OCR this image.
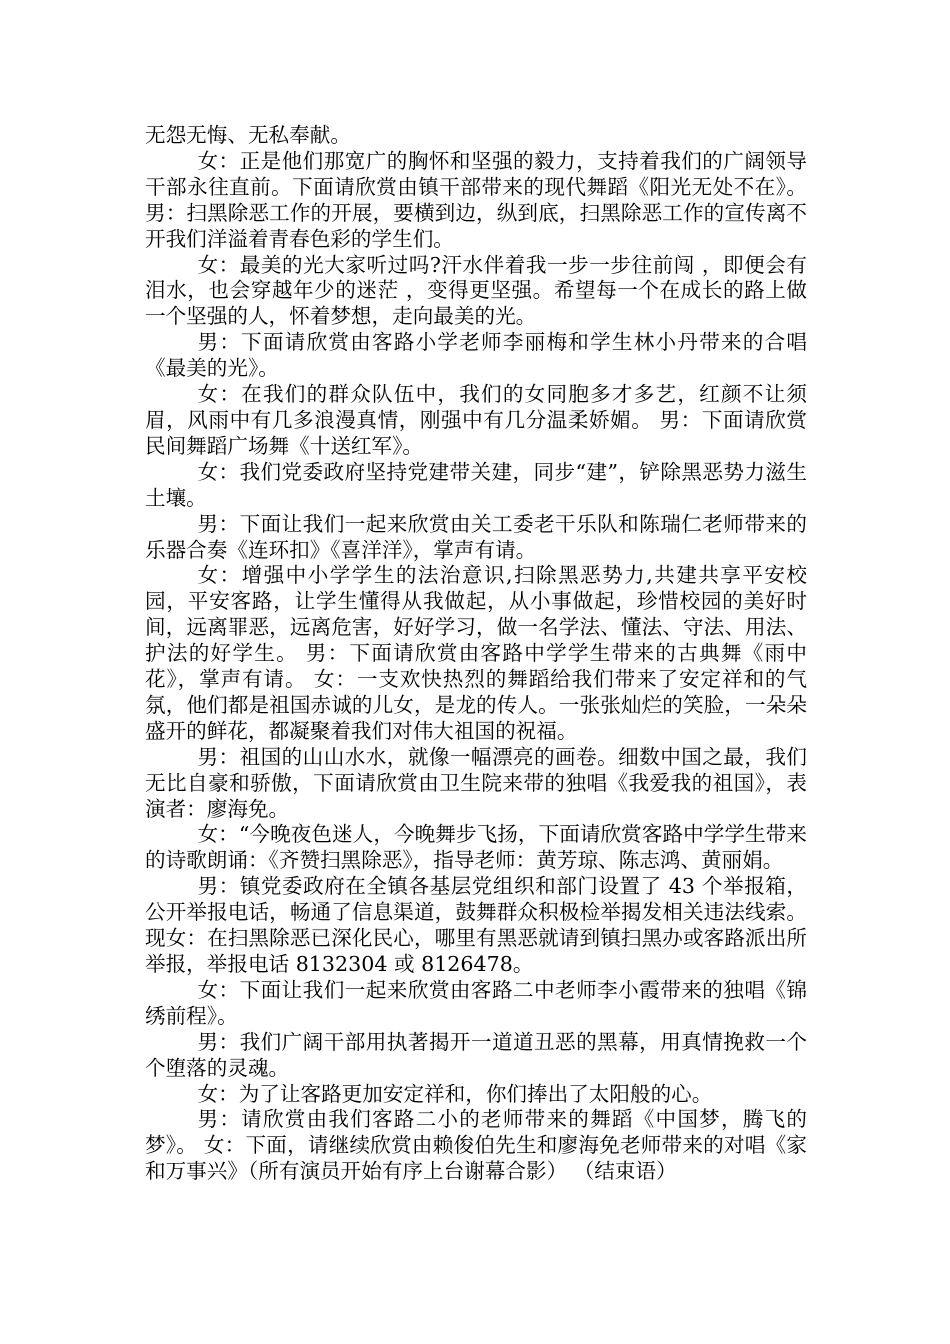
无怨无悔、无私奉献。

女：正是他们那宽广的胸怀和坚强的毅力，支持着我们的广阔领导干部永往直前。下面请欣赏由镇干部带来的现代舞蹈《阳光无处不在》。 男：扫黑除恶工作的开展，要横到边，纵到底，扫黑除恶工作的宣传离不开我们洋溢着青春色彩的学生们。

女：最美的光大家听过吗?汗水伴着我一步一步往前闯 ，即便会有泪水，也会穿越年少的迷茫 ，变得更坚强。希望每一个在成长的路上做一个坚强的人，怀着梦想，走向最美的光。

男：下面请欣赏由客路小学老师李丽梅和学生林小丹带来的合唱《最美的光》。

女：在我们的群众队伍中，我们的女同胞多才多艺，红颜不让须眉，风雨中有几多浪漫真情，刚强中有几分温柔娇媚。 男：下面请欣赏民间舞蹈广场舞《十送红军》。

女：我们党委政府坚持党建带关建，同步“建”，铲除黑恶势力滋生土壤。

男：下面让我们一起来欣赏由关工委老干乐队和陈瑞仁老师带来的乐器合奏《连环扣》《喜洋洋》，掌声有请。

女：增强中小学学生的法治意识,扫除黑恶势力,共建共享平安校园，平安客路，让学生懂得从我做起，从小事做起，珍惜校园的美好时间，远离罪恶，远离危害，好好学习，做一名学法、懂法、守法、用法、护法的好学生。 男：下面请欣赏由客路中学学生带来的古典舞《雨中花》，掌声有请。 女：一支欢快热烈的舞蹈给我们带来了安定祥和的气氛，他们都是祖国赤诚的儿女，是龙的传人。一张张灿烂的笑脸，一朵朵盛开的鲜花，都凝聚着我们对伟大祖国的祝福。

男：祖国的山山水水，就像一幅漂亮的画卷。细数中国之最，我们无比自豪和骄傲，下面请欣赏由卫生院来带的独唱《我爱我的祖国》，表演者：廖海免。

女：“今晚夜色迷人，今晚舞步飞扬，下面请欣赏客路中学学生带来的诗歌朗诵：《齐赞扫黑除恶》，指导老师：黄芳琼、陈志鸿、黄丽娟。

男：镇党委政府在全镇各基层党组织和部门设置了 43 个举报箱，公开举报电话，畅通了信息渠道，鼓舞群众积极检举揭发相关违法线索。现女：在扫黑除恶已深化民心，哪里有黑恶就请到镇扫黑办或客路派出所举报，举报电话 8132304 或 8126478。

女：下面让我们一起来欣赏由客路二中老师李小霞带来的独唱《锦绣前程》。

男：我们广阔干部用执著揭开一道道丑恶的黑幕，用真情挽救一个个堕落的灵魂。

女：为了让客路更加安定祥和，你们捧出了太阳般的心。

男：请欣赏由我们客路二小的老师带来的舞蹈《中国梦，腾飞的梦》。 女：下面，请继续欣赏由赖俊伯先生和廖海免老师带来的对唱《家和万事兴》（所有演员开始有序上台谢幕合影） （结束语）
